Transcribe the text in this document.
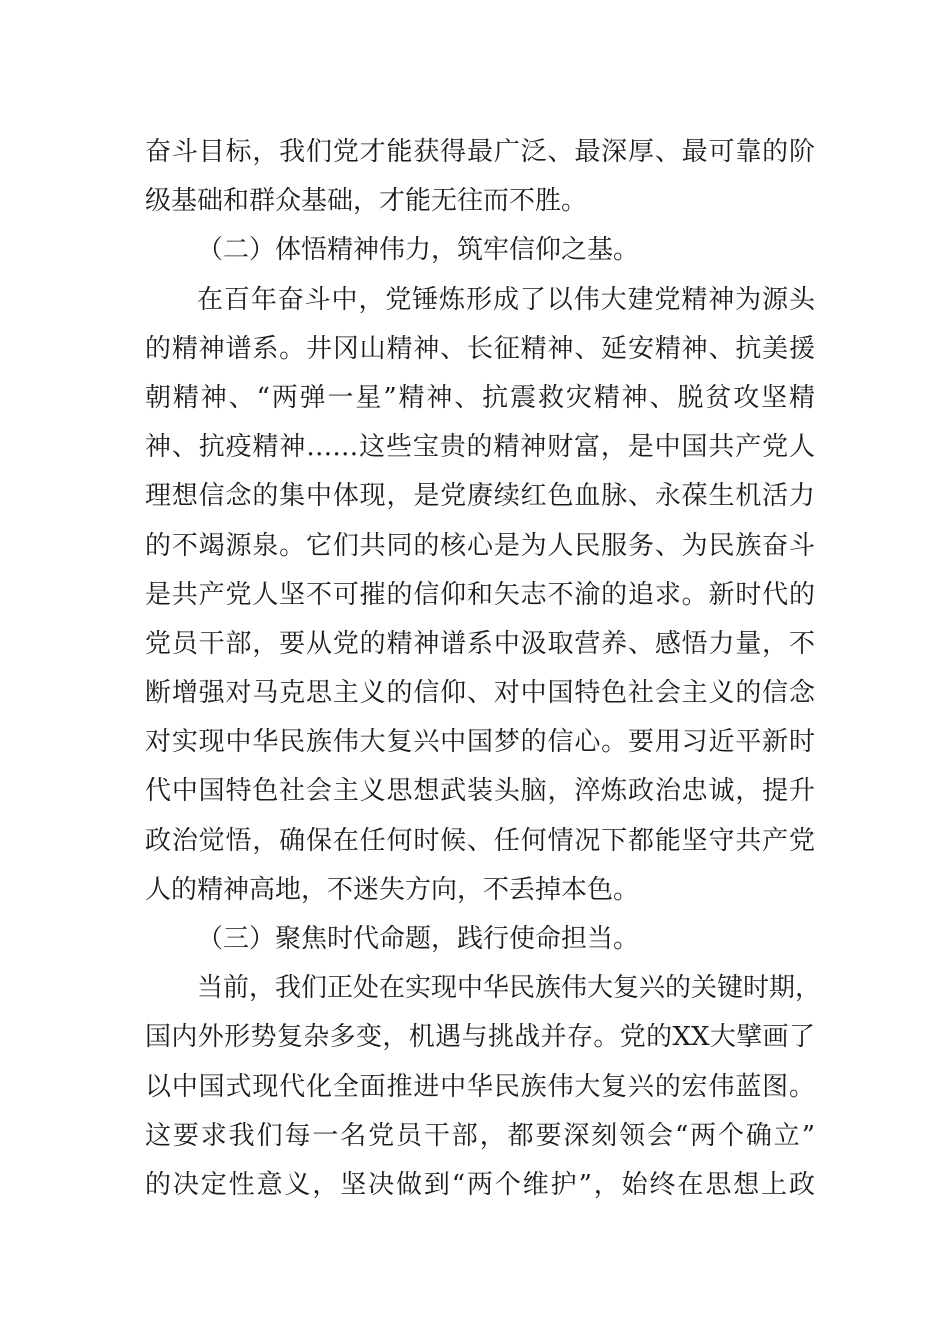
奋斗目标，我们党才能获得最广泛、最深厚、最可靠的阶
级基础和群众基础，才能无往而不胜。
（二）体悟精神伟力，筑牢信仰之基。
在百年奋斗中，党锤炼形成了以伟大建党精神为源头
的精神谱系。井冈山精神、长征精神、延安精神、抗美援
朝精神、“两弹一星”精神、抗震救灾精神、脱贫攻坚精
神、抗疫精神……这些宝贵的精神财富，是中国共产党人
理想信念的集中体现，是党赓续红色血脉、永葆生机活力
的不竭源泉。它们共同的核心是为人民服务、为民族奋斗
是共产党人坚不可摧的信仰和矢志不渝的追求。新时代的
党员干部，要从党的精神谱系中汲取营养、感悟力量，不
断增强对马克思主义的信仰、对中国特色社会主义的信念
对实现中华民族伟大复兴中国梦的信心。要用习近平新时
代中国特色社会主义思想武装头脑，淬炼政治忠诚，提升
政治觉悟，确保在任何时候、任何情况下都能坚守共产党
人的精神高地，不迷失方向，不丢掉本色。
（三）聚焦时代命题，践行使命担当。
当前，我们正处在实现中华民族伟大复兴的关键时期，
国内外形势复杂多变，机遇与挑战并存。党的XX大擘画了
以中国式现代化全面推进中华民族伟大复兴的宏伟蓝图。
这要求我们每一名党员干部，都要深刻领会“两个确立”
的决定性意义，坚决做到“两个维护”，始终在思想上政
